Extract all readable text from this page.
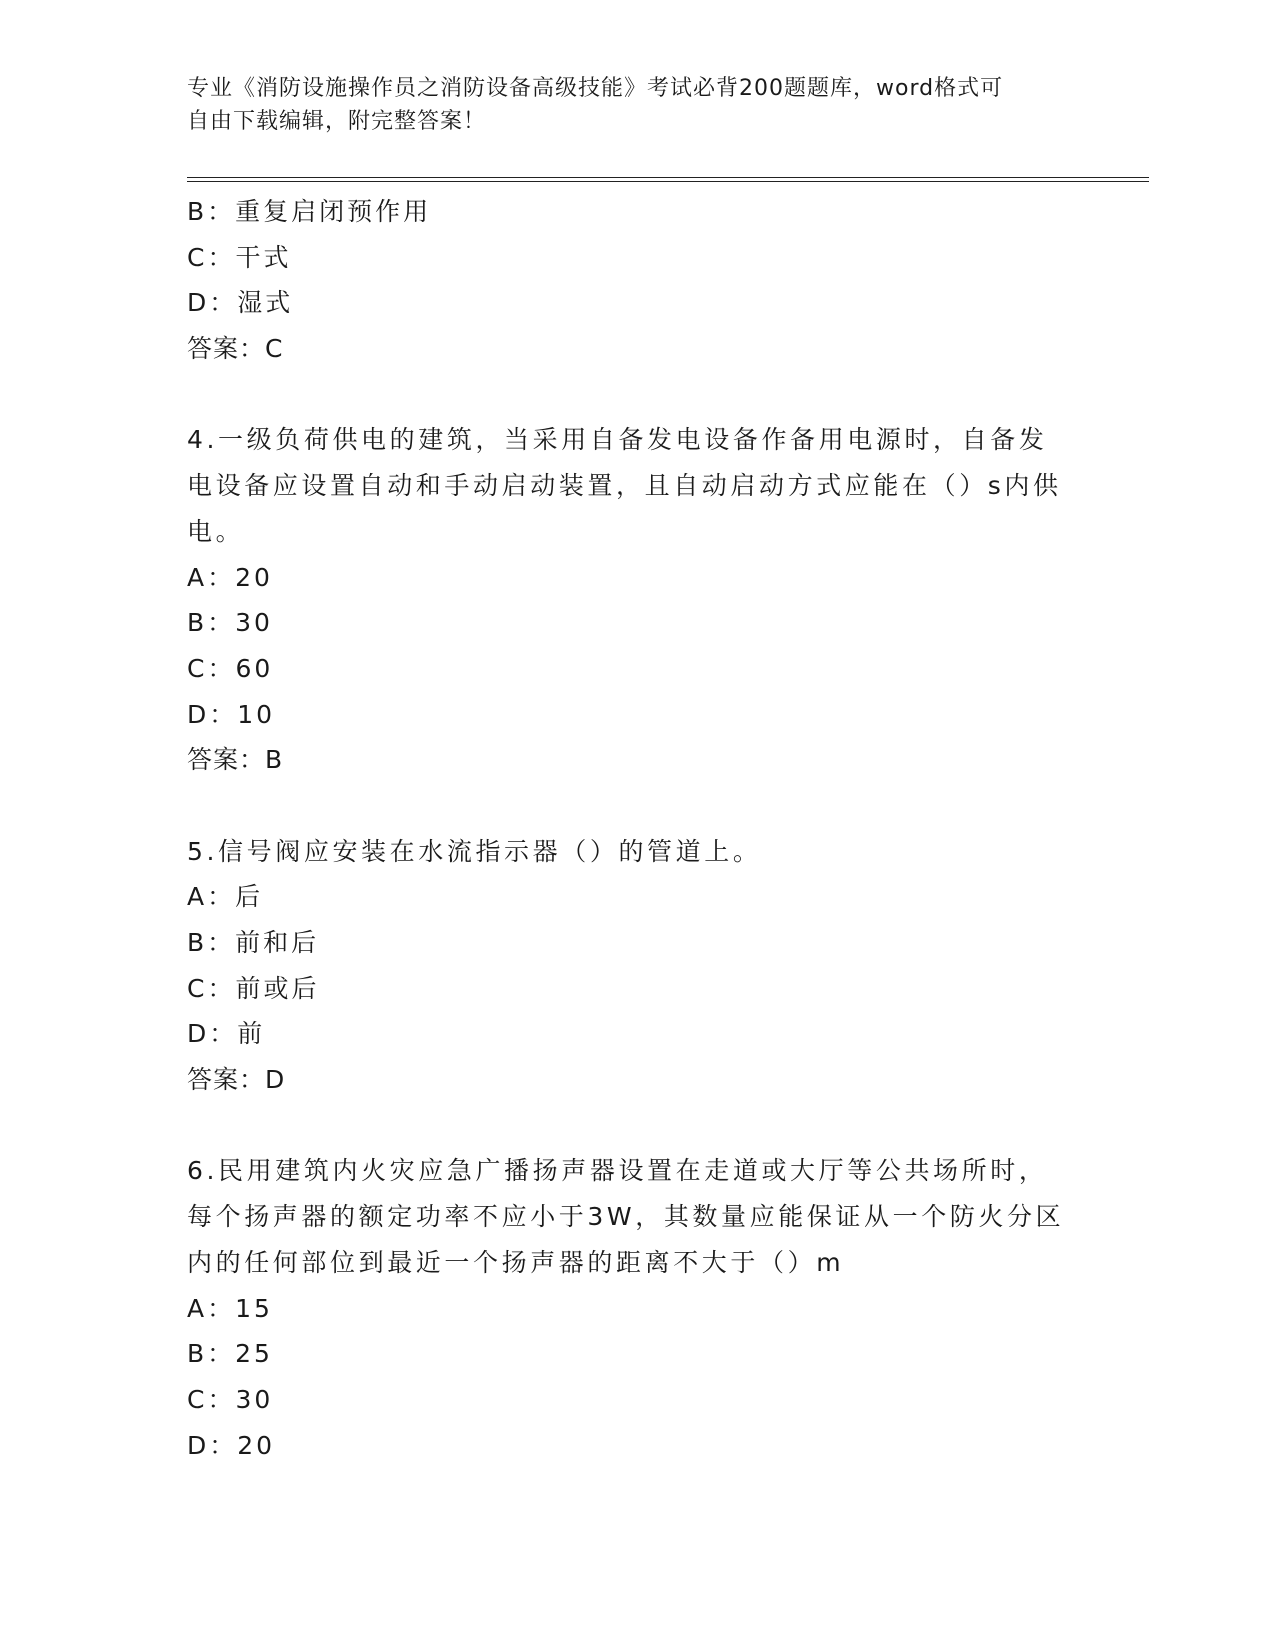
专业《消防设施操作员之消防设备高级技能》考试必背200题题库，word格式可
自由下载编辑，附完整答案！
B：重复启闭预作用
C：干式
D：湿式
答案：C
4.一级负荷供电的建筑，当采用自备发电设备作备用电源时，自备发
电设备应设置自动和手动启动装置，且自动启动方式应能在（）s内供
电。
A：20
B：30
C：60
D：10
答案：B
5.信号阀应安装在水流指示器（）的管道上。
A：后
B：前和后
C：前或后
D：前
答案：D
6.民用建筑内火灾应急广播扬声器设置在走道或大厅等公共场所时，
每个扬声器的额定功率不应小于3W，其数量应能保证从一个防火分区
内的任何部位到最近一个扬声器的距离不大于（）m
A：15
B：25
C：30
D：20
